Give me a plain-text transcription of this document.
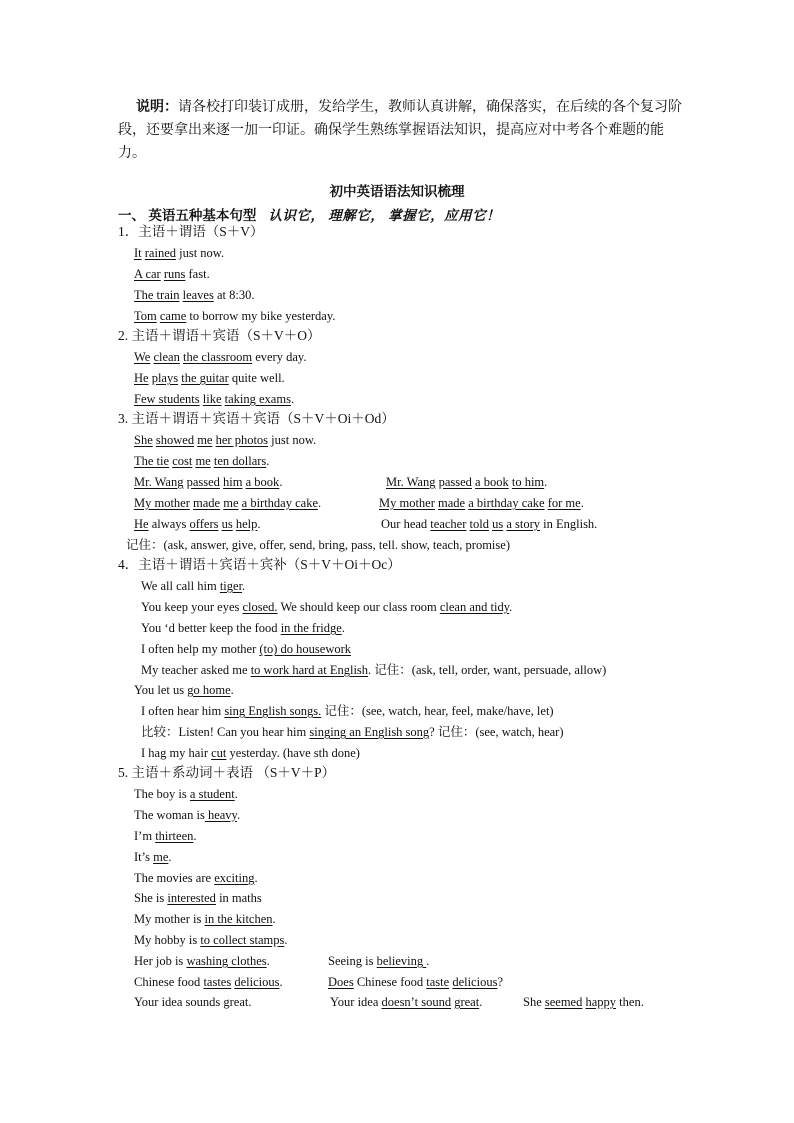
说明：请各校打印装订成册，发给学生，教师认真讲解，确保落实，在后续的各个复习阶段，还要拿出来逐一加一印证。确保学生熟练掌握语法知识，提高应对中考各个难题的能力。
初中英语语法知识梳理
一、 英语五种基本句型 认识它， 理解它， 掌握它，应用它！
1．主语＋谓语（S＋V）
It rained just now.
A car runs fast.
The train leaves at 8:30.
Tom came to borrow my bike yesterday.
2. 主语＋谓语＋宾语（S＋V＋O）
We clean the classroom every day.
He plays the guitar quite well.
Few students like taking exams.
3. 主语＋谓语＋宾语＋宾语（S＋V＋Oi＋Od）
She showed me her photos just now.
The tie cost me ten dollars.
Mr. Wang passed him a book.	Mr. Wang passed a book to him.
My mother made me a birthday cake.	My mother made a birthday cake for me.
He always offers us help.	Our head teacher told us a story in English.
记住：(ask, answer, give, offer, send, bring, pass, tell. show, teach, promise)
4．主语＋谓语＋宾语＋宾补（S＋V＋Oi＋Oc）
We all call him tiger.
You keep your eyes closed. We should keep our class room clean and tidy.
You ‘d better keep the food in the fridge.
I often help my mother (to) do housework
My teacher asked me to work hard at English. 记住：(ask, tell, order, want, persuade, allow)
You let us go home.
I often hear him sing English songs. 记住：(see, watch, hear, feel, make/have, let)
比较：Listen! Can you hear him singing an English song? 记住：(see, watch, hear)
I hag my hair cut yesterday. (have sth done)
5. 主语＋系动词＋表语 （S＋V＋P）
The boy is a student.
The woman is heavy.
I’m thirteen.
It’s me.
The movies are exciting.
She is interested in maths
My mother is in the kitchen.
My hobby is to collect stamps.
Her job is washing clothes.	Seeing is believing .
Chinese food tastes delicious.	Does Chinese food taste delicious?
Your idea sounds great.	Your idea doesn’t sound great.	She seemed happy then.
